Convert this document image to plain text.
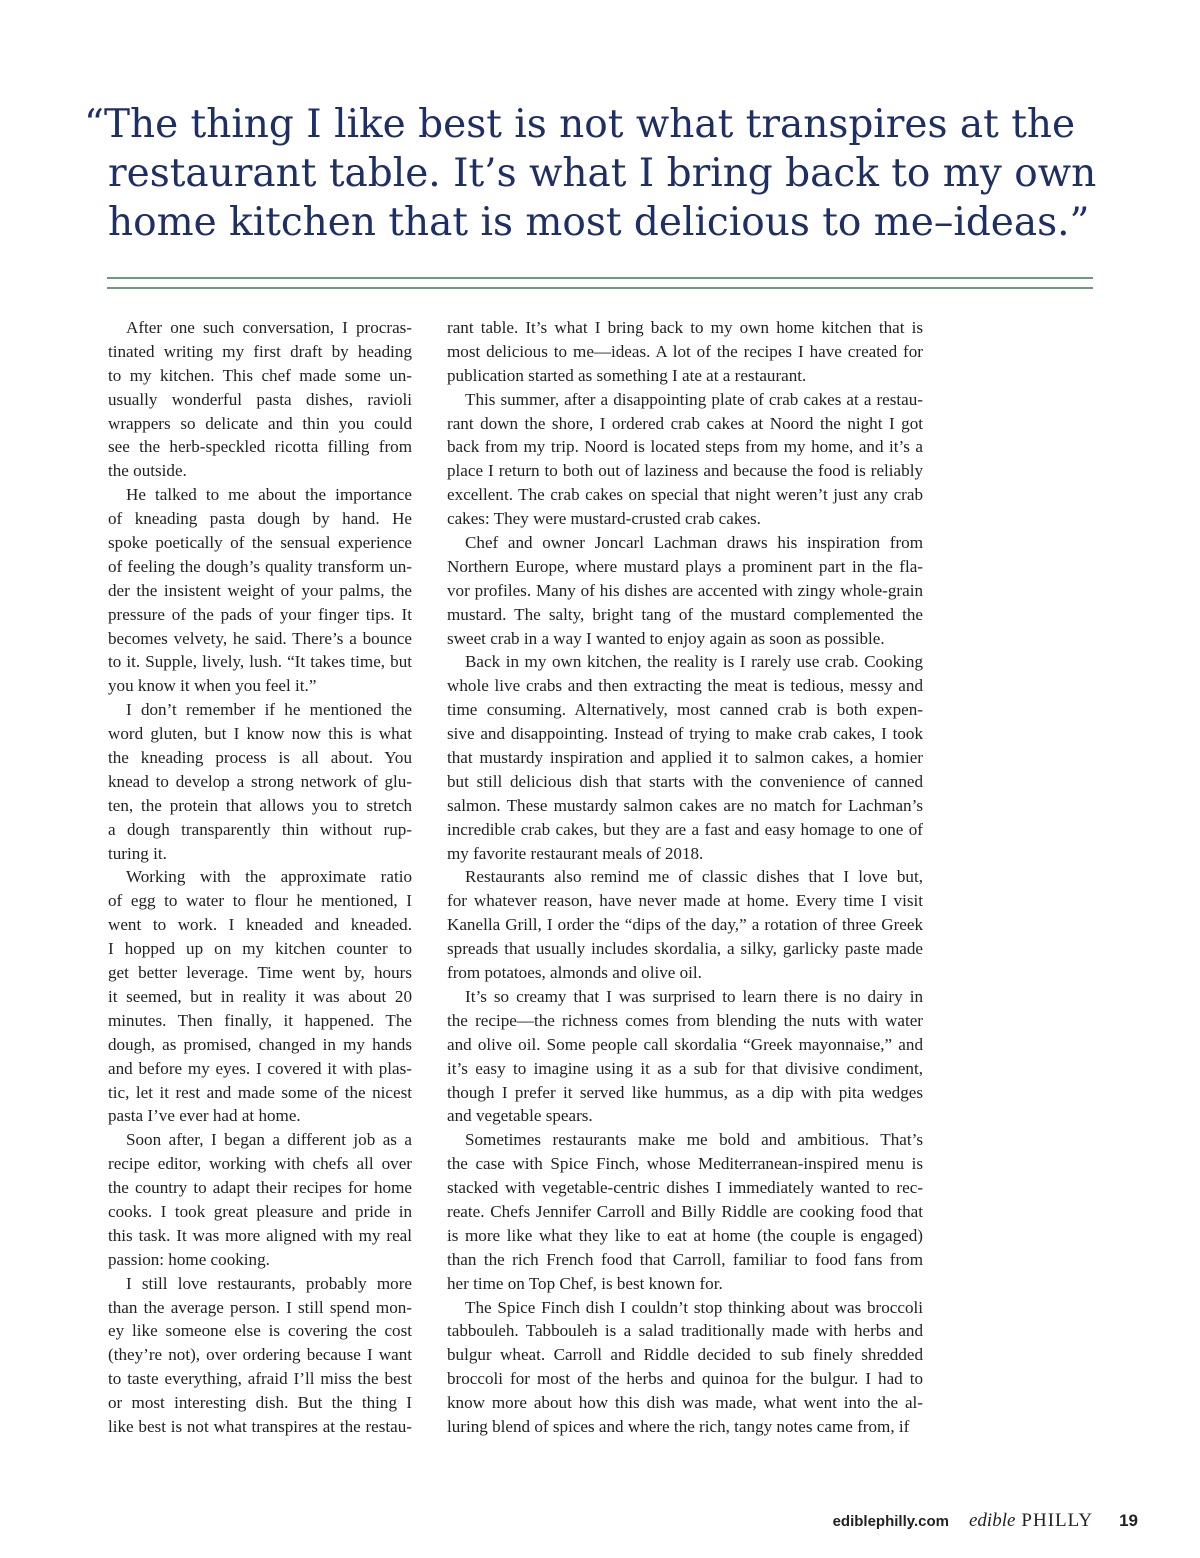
“The thing I like best is not what transpires at the
restaurant table. It’s what I bring back to my own
home kitchen that is most delicious to me–ideas.”

After one such conversation, I procras-
tinated writing my first draft by heading
to my kitchen. This chef made some un-
usually wonderful pasta dishes, ravioli
wrappers so delicate and thin you could
see the herb-speckled ricotta filling from
the outside.

He talked to me about the importance
of kneading pasta dough by hand. He
spoke poetically of the sensual experience
of feeling the dough’s quality transform un-
der the insistent weight of your palms, the
pressure of the pads of your finger tips. It
becomes velvety, he said. There’s a bounce
to it. Supple, lively, lush. “It takes time, but
you know it when you feel it.”

I don’t remember if he mentioned the
word gluten, but I know now this is what
the kneading process is all about. You
knead to develop a strong network of glu-
ten, the protein that allows you to stretch
a dough transparently thin without rup-
turing it.

Working with the approximate ratio
of egg to water to flour he mentioned, I
went to work. I kneaded and kneaded.
I hopped up on my kitchen counter to
get better leverage. Time went by, hours
it seemed, but in reality it was about 20
minutes. Then finally, it happened. The
dough, as promised, changed in my hands
and before my eyes. I covered it with plas-
tic, let it rest and made some of the nicest
pasta I’ve ever had at home.

Soon after, I began a different job as a
recipe editor, working with chefs all over
the country to adapt their recipes for home
cooks. I took great pleasure and pride in
this task. It was more aligned with my real
passion: home cooking.

I still love restaurants, probably more
than the average person. I still spend mon-
ey like someone else is covering the cost
(they’re not), over ordering because I want
to taste everything, afraid I’ll miss the best
or most interesting dish. But the thing I
like best is not what transpires at the restau-

rant table. It’s what I bring back to my own home kitchen that is
most delicious to me—ideas. A lot of the recipes I have created for
publication started as something I ate at a restaurant.

This summer, after a disappointing plate of crab cakes at a restau-
rant down the shore, I ordered crab cakes at Noord the night I got
back from my trip. Noord is located steps from my home, and it’s a
place I return to both out of laziness and because the food is reliably
excellent. The crab cakes on special that night weren’t just any crab
cakes: They were mustard-crusted crab cakes.

Chef and owner Joncarl Lachman draws his inspiration from
Northern Europe, where mustard plays a prominent part in the fla-
vor profiles. Many of his dishes are accented with zingy whole-grain
mustard. The salty, bright tang of the mustard complemented the
sweet crab in a way I wanted to enjoy again as soon as possible.

Back in my own kitchen, the reality is I rarely use crab. Cooking
whole live crabs and then extracting the meat is tedious, messy and
time consuming. Alternatively, most canned crab is both expen-
sive and disappointing. Instead of trying to make crab cakes, I took
that mustardy inspiration and applied it to salmon cakes, a homier
but still delicious dish that starts with the convenience of canned
salmon. These mustardy salmon cakes are no match for Lachman’s
incredible crab cakes, but they are a fast and easy homage to one of
my favorite restaurant meals of 2018.

Restaurants also remind me of classic dishes that I love but,
for whatever reason, have never made at home. Every time I visit
Kanella Grill, I order the “dips of the day,” a rotation of three Greek
spreads that usually includes skordalia, a silky, garlicky paste made
from potatoes, almonds and olive oil.

It’s so creamy that I was surprised to learn there is no dairy in
the recipe—the richness comes from blending the nuts with water
and olive oil. Some people call skordalia “Greek mayonnaise,” and
it’s easy to imagine using it as a sub for that divisive condiment,
though I prefer it served like hummus, as a dip with pita wedges
and vegetable spears.

Sometimes restaurants make me bold and ambitious. That’s
the case with Spice Finch, whose Mediterranean-inspired menu is
stacked with vegetable-centric dishes I immediately wanted to rec-
reate. Chefs Jennifer Carroll and Billy Riddle are cooking food that
is more like what they like to eat at home (the couple is engaged)
than the rich French food that Carroll, familiar to food fans from
her time on Top Chef, is best known for.

The Spice Finch dish I couldn’t stop thinking about was broccoli
tabbouleh. Tabbouleh is a salad traditionally made with herbs and
bulgur wheat. Carroll and Riddle decided to sub finely shredded
broccoli for most of the herbs and quinoa for the bulgur. I had to
know more about how this dish was made, what went into the al-
luring blend of spices and where the rich, tangy notes came from, if

ediblephilly.com edible PHILLY 19
